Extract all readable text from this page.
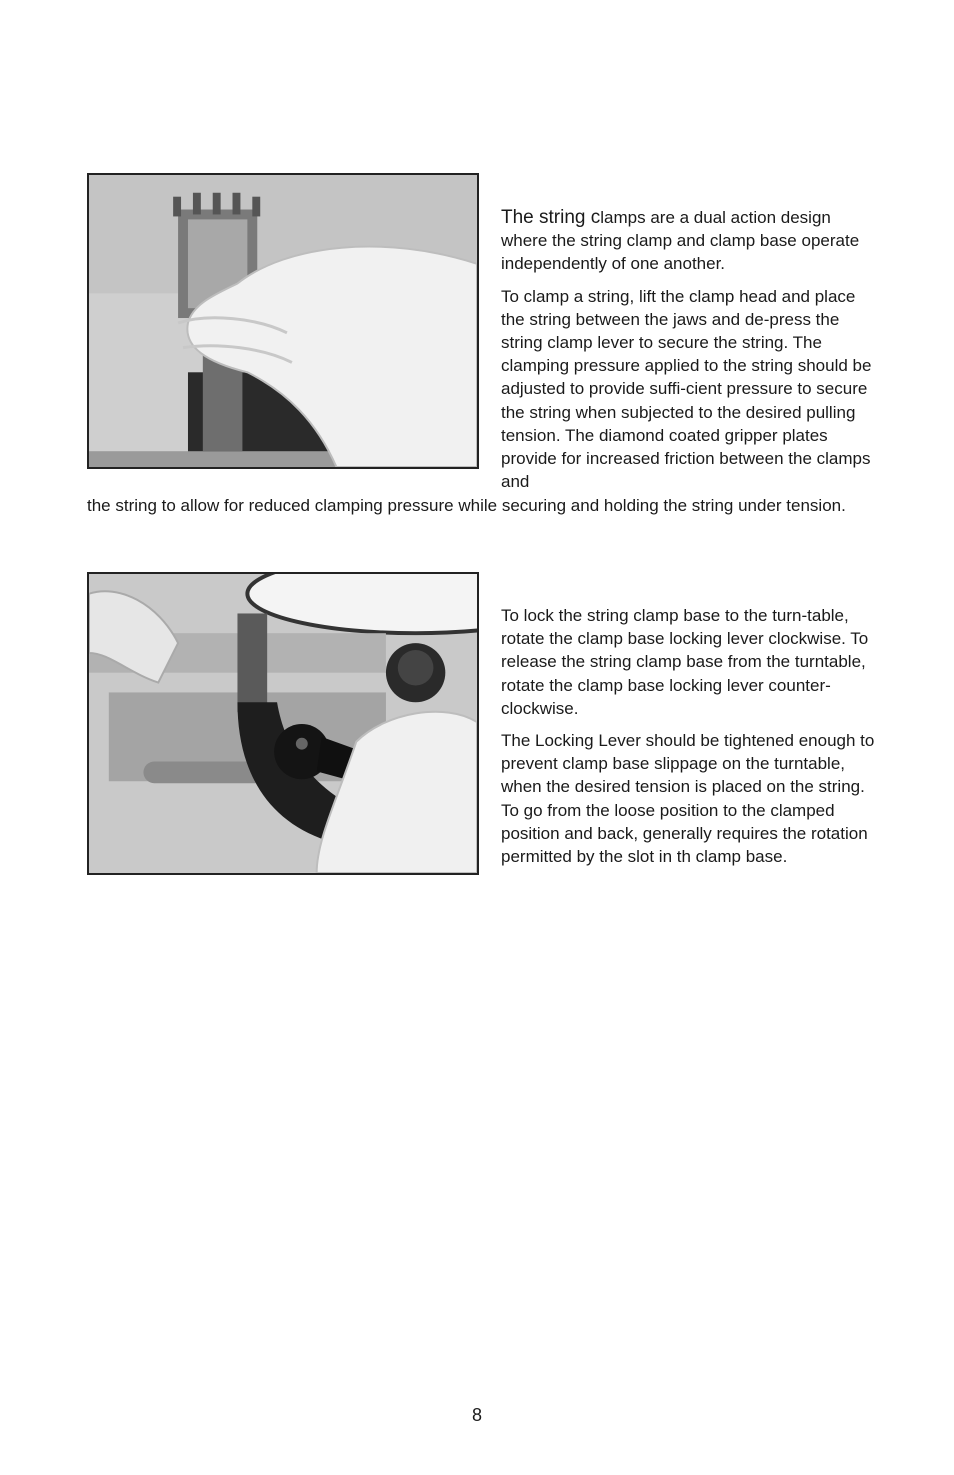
The string clamps are a dual action design where the string clamp and clamp base operate independently of one another.

To clamp a string, lift the clamp head and place the string between the jaws and de-press the string clamp lever to secure the string. The clamping pressure applied to the string should be adjusted to provide suffi-cient pressure to secure the string when subjected to the desired pulling tension. The diamond coated gripper plates provide for increased friction between the clamps and

the string to allow for reduced clamping pressure while securing and holding the string under tension.

To lock the string clamp base to the turn-table, rotate the clamp base locking lever clockwise. To release the string clamp base from the turntable, rotate the clamp base locking lever counter-clockwise.

The Locking Lever should be tightened enough to prevent clamp base slippage on the turntable, when the desired tension is placed on the string. To go from the loose position to the clamped position and back, generally requires the rotation permitted by the slot in th clamp base.

8
